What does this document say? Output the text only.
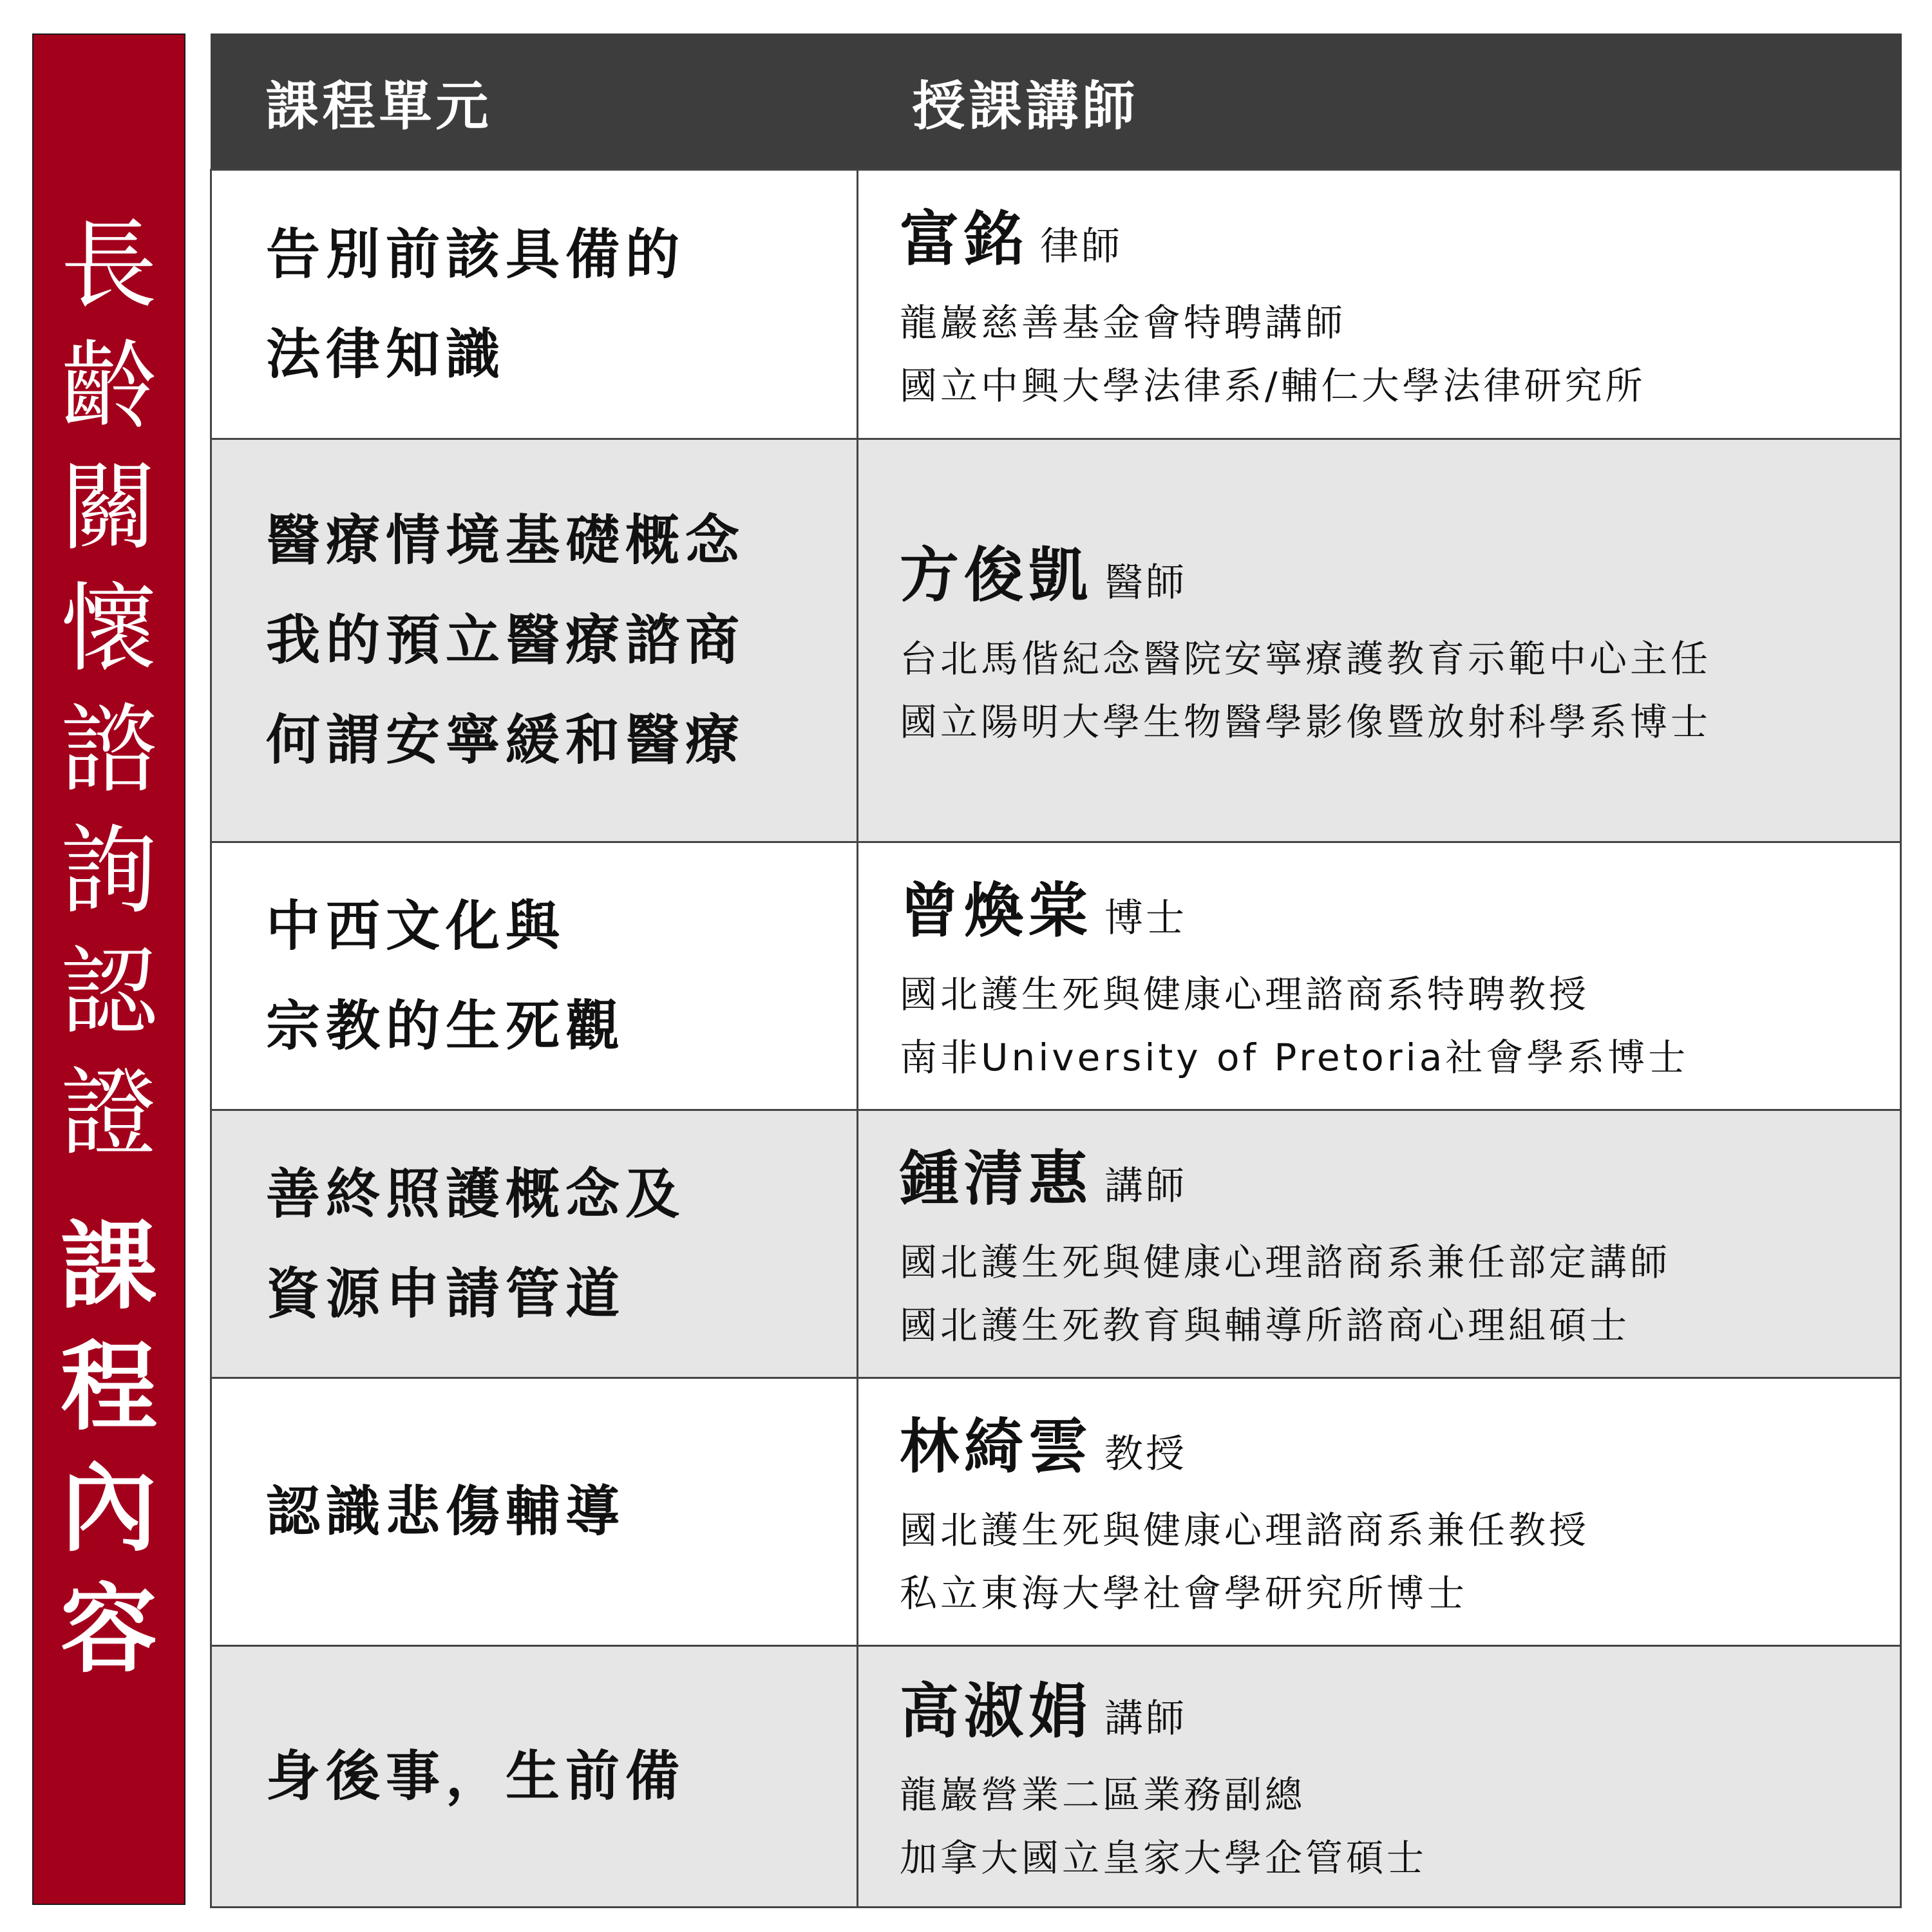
長
齡
關
懷
諮
詢
認
證
課
程
內
容
課程單元	授課講師

告別前該具備的
法律知識	富銘 律師
龍巖慈善基金會特聘講師
國立中興大學法律系/輔仁大學法律研究所

醫療情境基礎概念
我的預立醫療諮商
何謂安寧緩和醫療	方俊凱 醫師
台北馬偕紀念醫院安寧療護教育示範中心主任
國立陽明大學生物醫學影像暨放射科學系博士

中西文化與
宗教的生死觀	曾煥棠 博士
國北護生死與健康心理諮商系特聘教授
南非University of Pretoria社會學系博士

善終照護概念及
資源申請管道	鍾清惠 講師
國北護生死與健康心理諮商系兼任部定講師
國北護生死教育與輔導所諮商心理組碩士

認識悲傷輔導	林綺雲 教授
國北護生死與健康心理諮商系兼任教授
私立東海大學社會學研究所博士

身後事，生前備	高淑娟 講師
龍巖營業二區業務副總
加拿大國立皇家大學企管碩士
